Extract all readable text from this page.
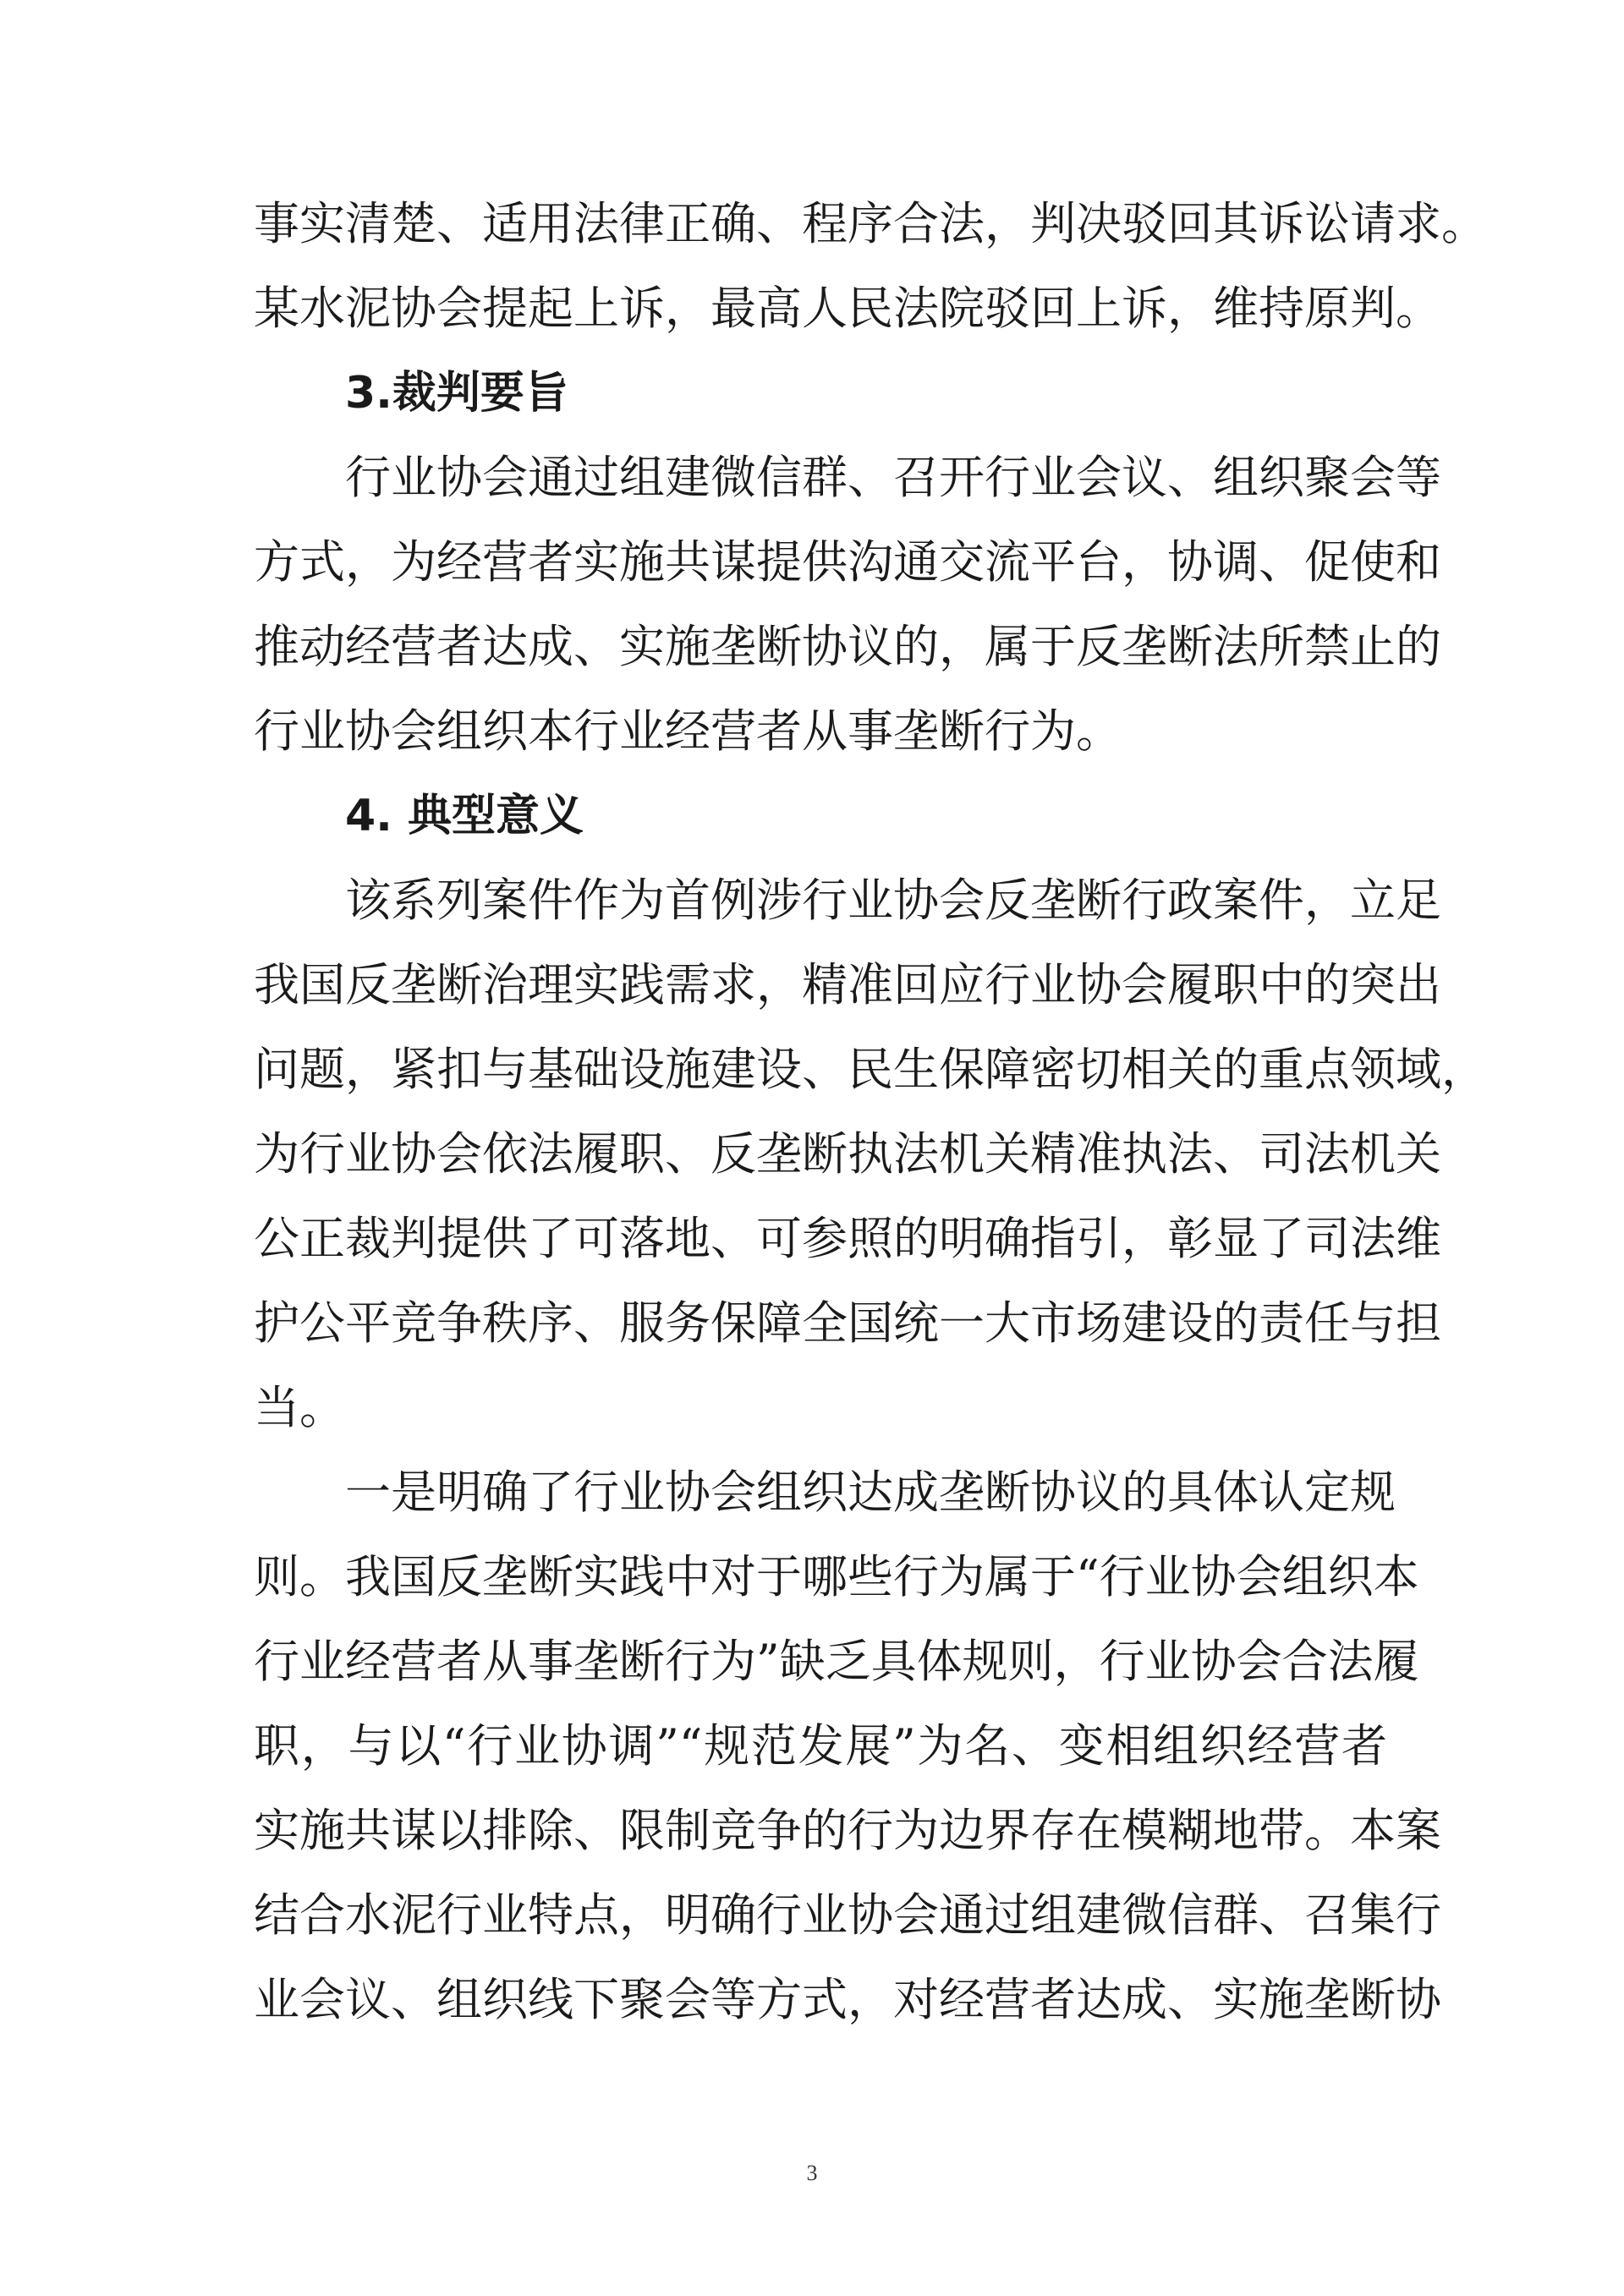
事实清楚、适用法律正确、程序合法，判决驳回其诉讼请求。
某水泥协会提起上诉，最高人民法院驳回上诉，维持原判。
3.裁判要旨
行业协会通过组建微信群、召开行业会议、组织聚会等
方式，为经营者实施共谋提供沟通交流平台，协调、促使和
推动经营者达成、实施垄断协议的，属于反垄断法所禁止的
行业协会组织本行业经营者从事垄断行为。
4. 典型意义
该系列案件作为首例涉行业协会反垄断行政案件，立足
我国反垄断治理实践需求，精准回应行业协会履职中的突出
问题，紧扣与基础设施建设、民生保障密切相关的重点领域，
为行业协会依法履职、反垄断执法机关精准执法、司法机关
公正裁判提供了可落地、可参照的明确指引，彰显了司法维
护公平竞争秩序、服务保障全国统一大市场建设的责任与担
当。
一是明确了行业协会组织达成垄断协议的具体认定规
则。我国反垄断实践中对于哪些行为属于“行业协会组织本
行业经营者从事垄断行为”缺乏具体规则，行业协会合法履
职，与以“行业协调”“规范发展”为名、变相组织经营者
实施共谋以排除、限制竞争的行为边界存在模糊地带。本案
结合水泥行业特点，明确行业协会通过组建微信群、召集行
业会议、组织线下聚会等方式，对经营者达成、实施垄断协
3
